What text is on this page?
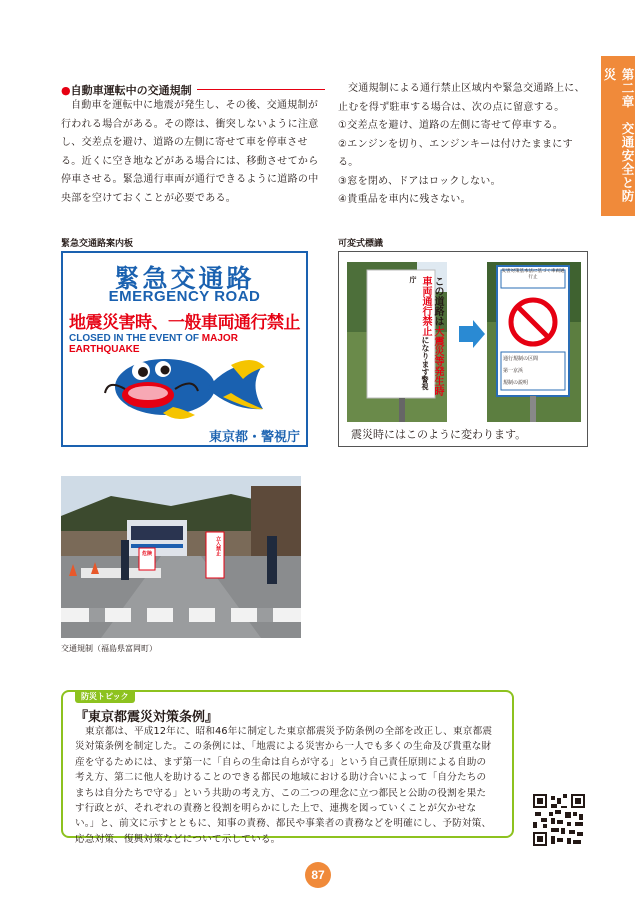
第二章　交通安全と防災
●自動車運転中の交通規制
自動車を運転中に地震が発生し、その後、交通規制が行われる場合がある。その際は、衝突しないように注意し、交差点を避け、道路の左側に寄せて車を停車させる。近くに空き地などがある場合には、移動させてから停車させる。緊急通行車両が通行できるように道路の中央部を空けておくことが必要である。

交通規制による通行禁止区域内や緊急交通路上に、止むを得ず駐車する場合は、次の点に留意する。

①交差点を避け、道路の左側に寄せて停車する。

②エンジンを切り、エンジンキーは付けたままにする。

③窓を閉め、ドアはロックしない。

④貴重品を車内に残さない。

緊急交通路案内板	可変式標識
緊急交通路
EMERGENCY ROAD
地震災害時、一般車両通行禁止
CLOSED IN THE EVENT OF MAJOR EARTHQUAKE
東京都・警視庁
この道路は大震災等発生時車両通行禁止になります警視庁
災害対策基本法に基づく車両通行止
通行規制の区間
第一京浜
規制の説明
震災時にはこのように変わります。
危険	立入禁止
交通規制（福島県富岡町）
防災トピック
『東京都震災対策条例』
東京都は、平成12年に、昭和46年に制定した東京都震災予防条例の全部を改正し、東京都震災対策条例を制定した。この条例には、「地震による災害から一人でも多くの生命及び貴重な財産を守るためには、まず第一に「自らの生命は自らが守る」という自己責任原則による自助の考え方、第二に他人を助けることのできる都民の地域における助け合いによって「自分たちのまちは自分たちで守る」という共助の考え方、この二つの理念に立つ都民と公助の役割を果たす行政とが、それぞれの責務と役割を明らかにした上で、連携を図っていくことが欠かせない。」と、前文に示すとともに、知事の責務、都民や事業者の責務などを明確にし、予防対策、応急対策、復興対策などについて示している。
87
